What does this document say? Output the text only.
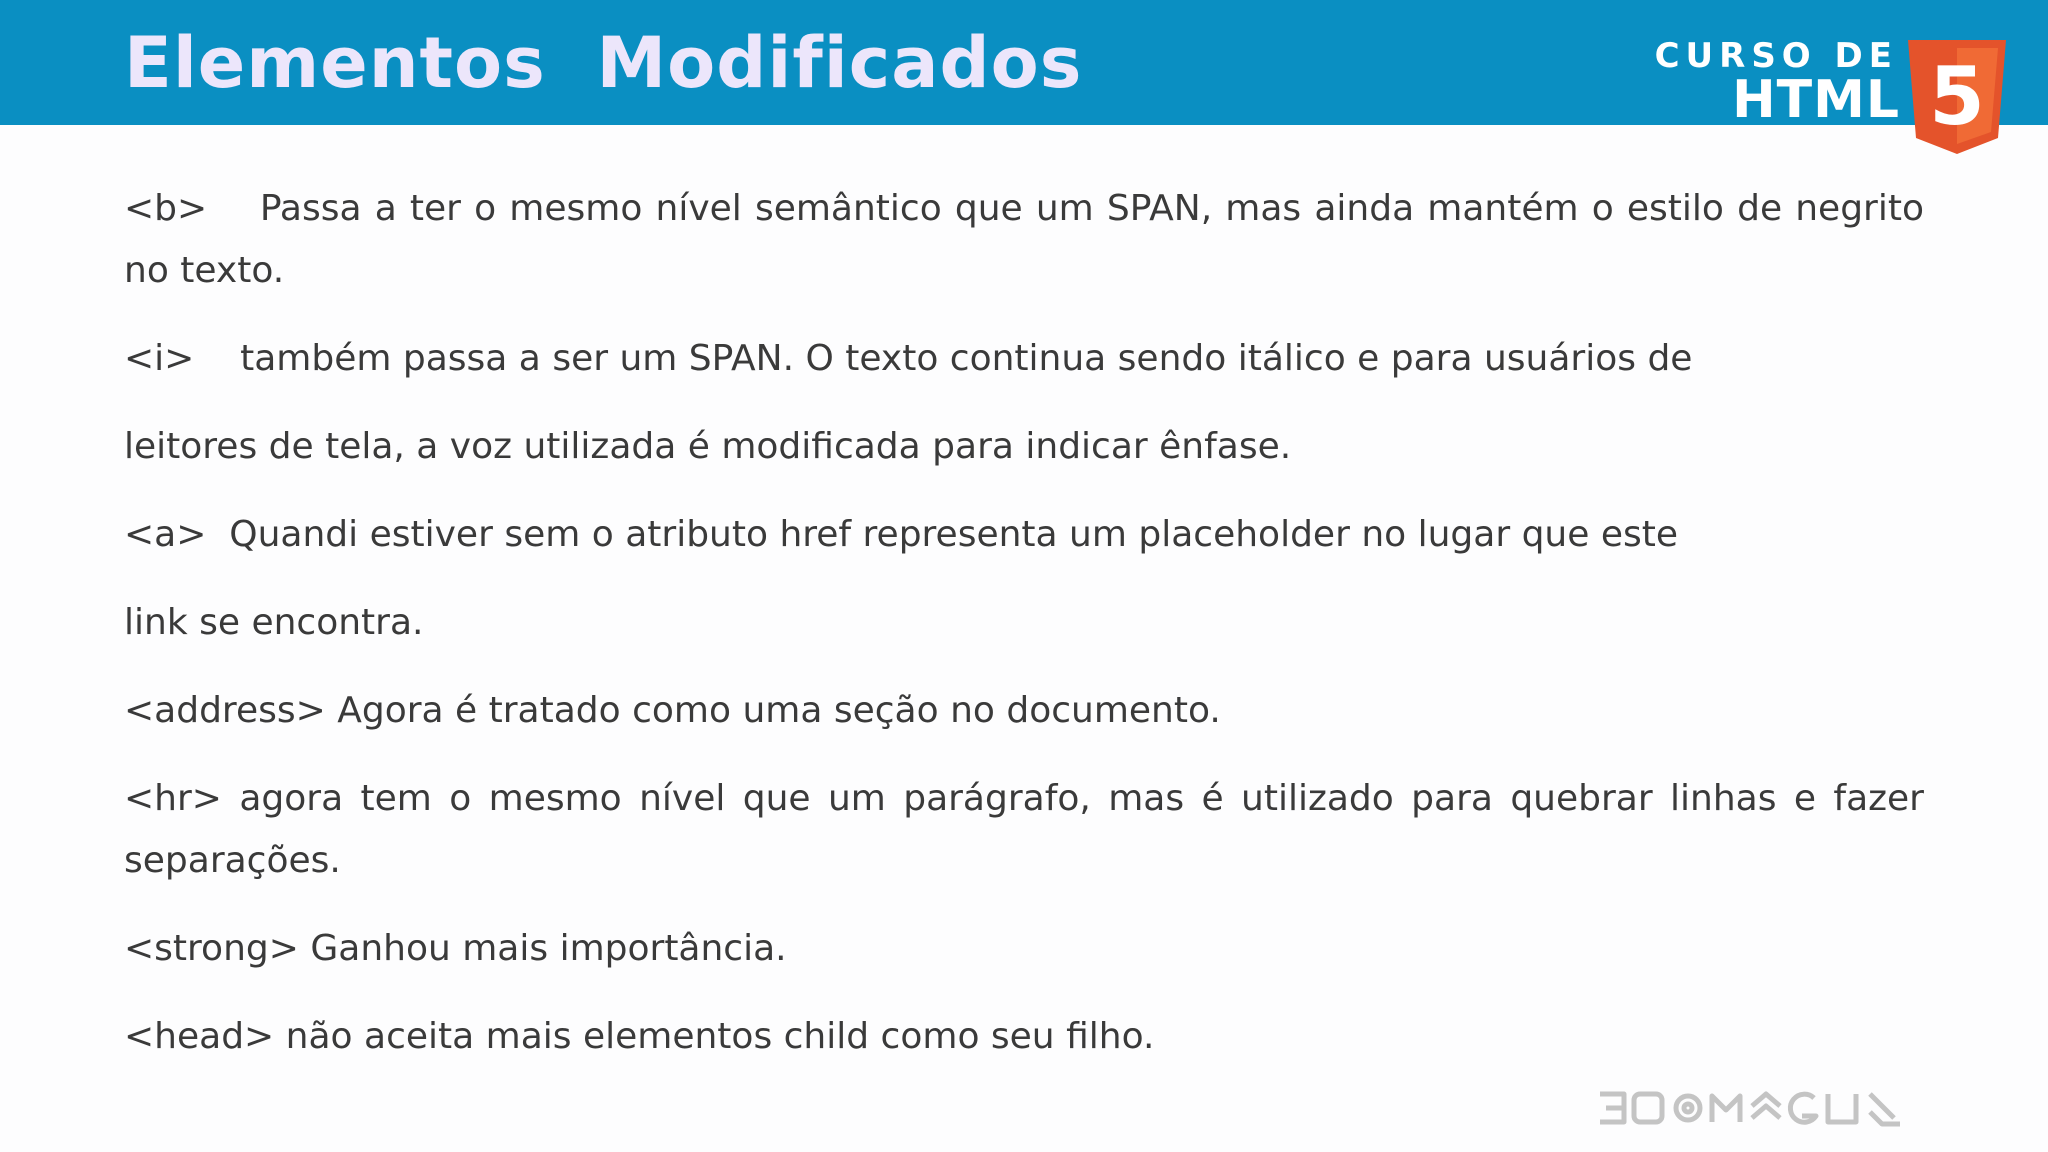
Elementos  Modificados	CURSO DE
HTML 5

<b> Passa a ter o mesmo nível semântico que um SPAN, mas ainda mantém o estilo de negrito no texto.

<i> também passa a ser um SPAN. O texto continua sendo itálico e para usuários de

leitores de tela, a voz utilizada é modificada para indicar ênfase.

<a> Quandi estiver sem o atributo href representa um placeholder no lugar que este

link se encontra.

<address> Agora é tratado como uma seção no documento.

<hr> agora tem o mesmo nível que um parágrafo, mas é utilizado para quebrar linhas e fazer separações.

<strong> Ganhou mais importância.

<head> não aceita mais elementos child como seu filho.
